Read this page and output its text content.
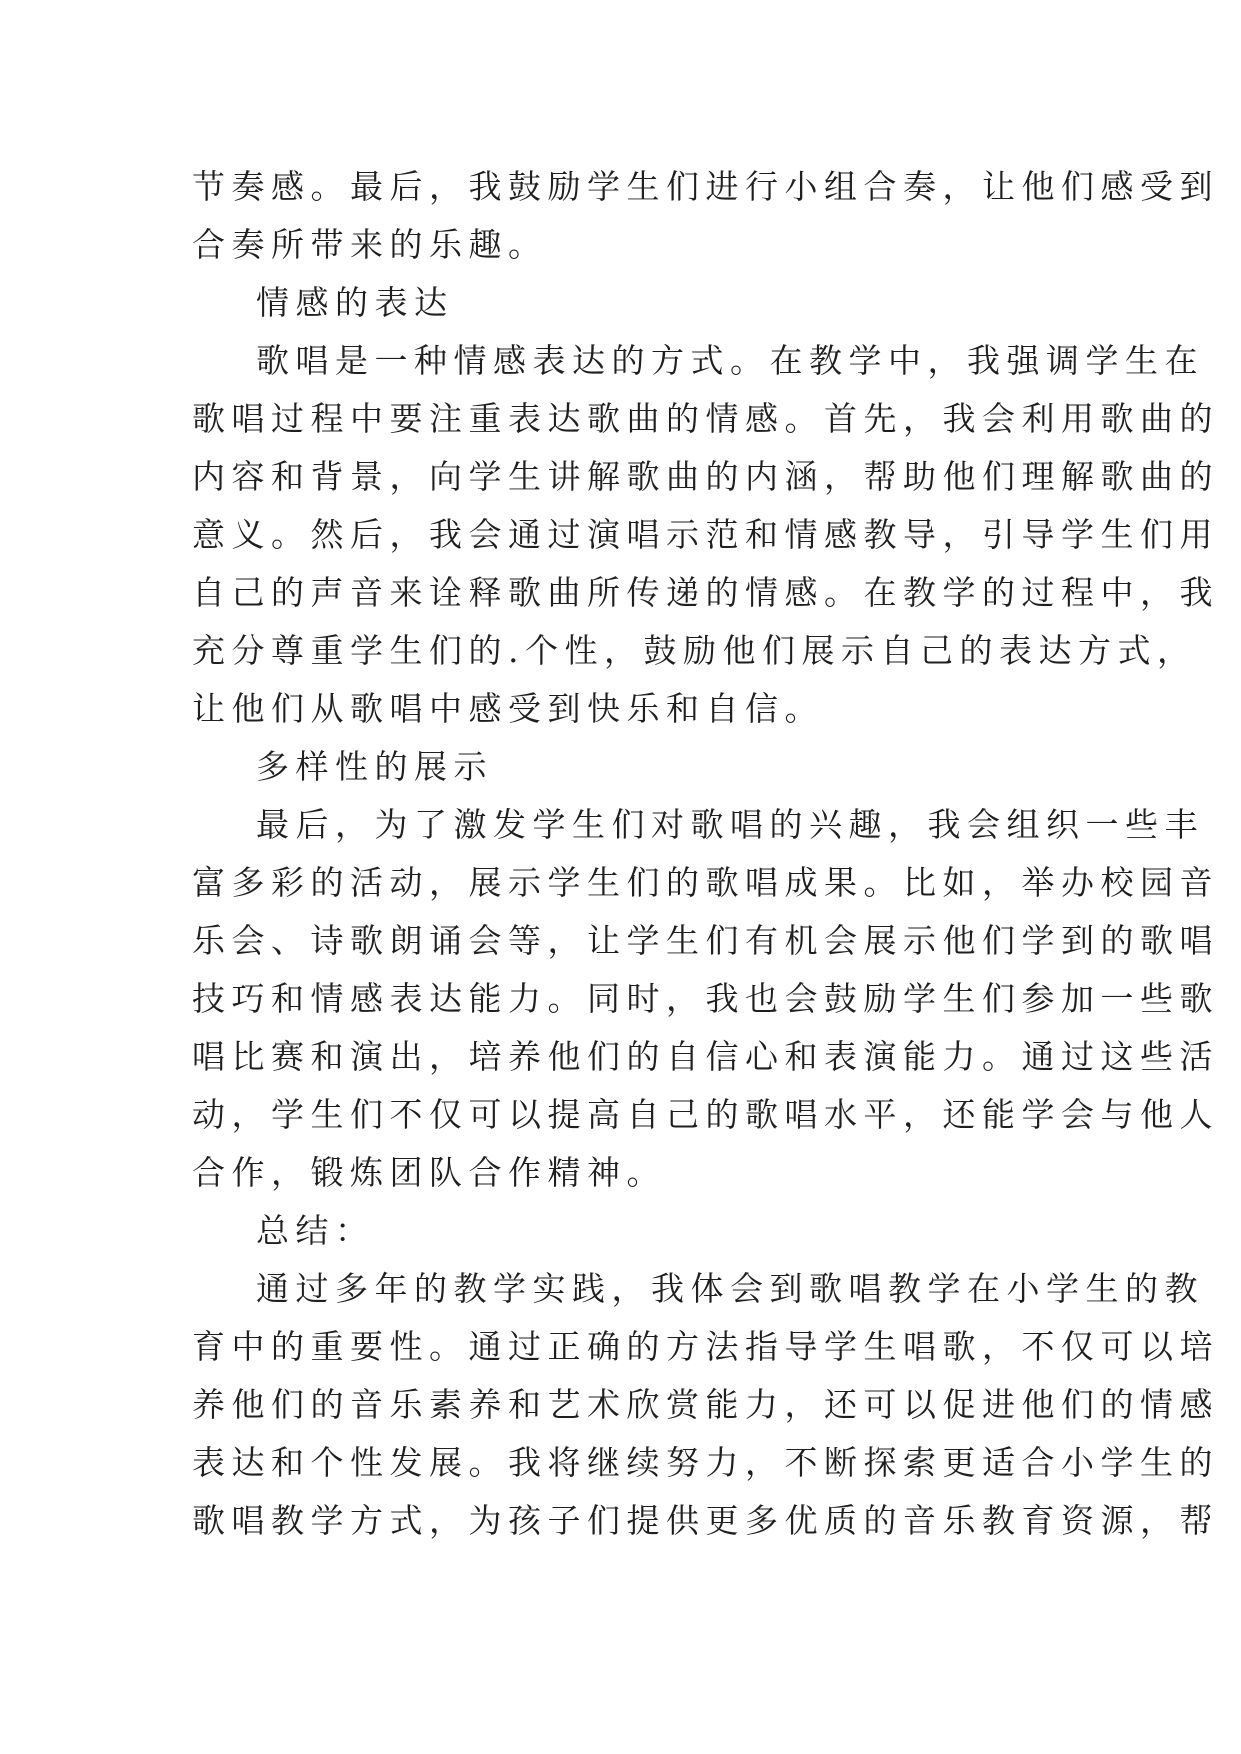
节奏感。最后，我鼓励学生们进行小组合奏，让他们感受到
合奏所带来的乐趣。
情感的表达
歌唱是一种情感表达的方式。在教学中，我强调学生在
歌唱过程中要注重表达歌曲的情感。首先，我会利用歌曲的
内容和背景，向学生讲解歌曲的内涵，帮助他们理解歌曲的
意义。然后，我会通过演唱示范和情感教导，引导学生们用
自己的声音来诠释歌曲所传递的情感。在教学的过程中，我
充分尊重学生们的.个性，鼓励他们展示自己的表达方式，
让他们从歌唱中感受到快乐和自信。
多样性的展示
最后，为了激发学生们对歌唱的兴趣，我会组织一些丰
富多彩的活动，展示学生们的歌唱成果。比如，举办校园音
乐会、诗歌朗诵会等，让学生们有机会展示他们学到的歌唱
技巧和情感表达能力。同时，我也会鼓励学生们参加一些歌
唱比赛和演出，培养他们的自信心和表演能力。通过这些活
动，学生们不仅可以提高自己的歌唱水平，还能学会与他人
合作，锻炼团队合作精神。
总结：
通过多年的教学实践，我体会到歌唱教学在小学生的教
育中的重要性。通过正确的方法指导学生唱歌，不仅可以培
养他们的音乐素养和艺术欣赏能力，还可以促进他们的情感
表达和个性发展。我将继续努力，不断探索更适合小学生的
歌唱教学方式，为孩子们提供更多优质的音乐教育资源，帮
